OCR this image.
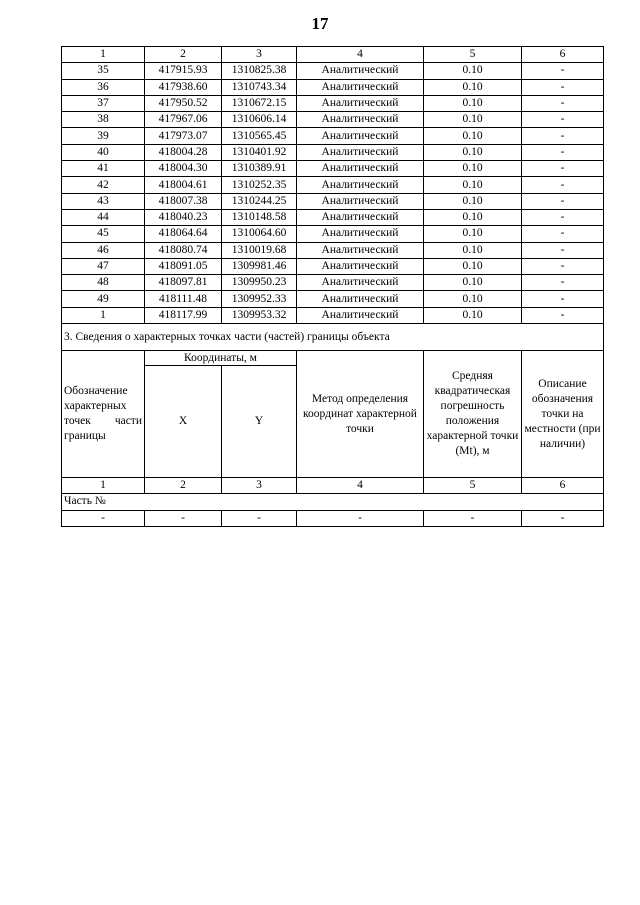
17
1	2	3	4	5	6
35	417915.93	1310825.38	Аналитический	0.10	-
36	417938.60	1310743.34	Аналитический	0.10	-
37	417950.52	1310672.15	Аналитический	0.10	-
38	417967.06	1310606.14	Аналитический	0.10	-
39	417973.07	1310565.45	Аналитический	0.10	-
40	418004.28	1310401.92	Аналитический	0.10	-
41	418004.30	1310389.91	Аналитический	0.10	-
42	418004.61	1310252.35	Аналитический	0.10	-
43	418007.38	1310244.25	Аналитический	0.10	-
44	418040.23	1310148.58	Аналитический	0.10	-
45	418064.64	1310064.60	Аналитический	0.10	-
46	418080.74	1310019.68	Аналитический	0.10	-
47	418091.05	1309981.46	Аналитический	0.10	-
48	418097.81	1309950.23	Аналитический	0.10	-
49	418111.48	1309952.33	Аналитический	0.10	-
1	418117.99	1309953.32	Аналитический	0.10	-
3. Сведения о характерных точках части (частей) границы объекта					

Обозначение характерных точек части границы	Координаты, м		Метод определения координат характерной точки	Средняя квадратическая погрешность положения характерной точки (Mt), м	Описание обозначения точки на местности (при наличии)
	X	Y			
1	2	3	4	5	6
Часть №					
-	-	-	-	-	-
